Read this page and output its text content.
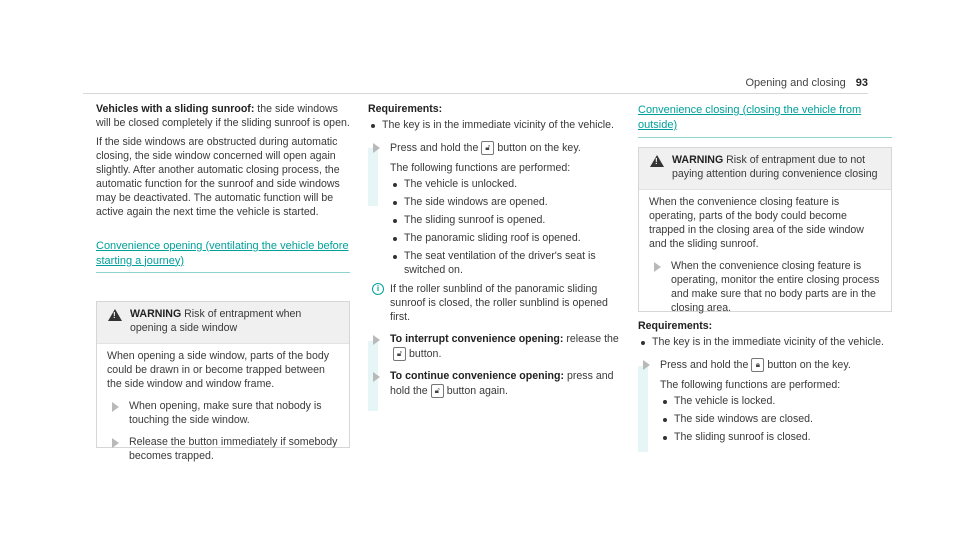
Opening and closing 93

Vehicles with a sliding sunroof: the side windows will be closed completely if the sliding sunroof is open.

If the side windows are obstructed during automatic closing, the side window concerned will open again slightly. After another automatic closing process, the automatic function for the sunroof and side windows may be deactivated. The automatic function will be active again the next time the vehicle is started.

Convenience opening (ventilating the vehicle before starting a journey)

!
WARNING Risk of entrapment when opening a side window

When opening a side window, parts of the body could be drawn in or become trapped between the side window and window frame.

When opening, make sure that nobody is touching the side window.
Release the button immediately if somebody becomes trapped.

Requirements:

The key is in the immediate vicinity of the vehicle.
Press and hold the 🔓︎ button on the key.

The following functions are performed:

The vehicle is unlocked.
The side windows are opened.
The sliding sunroof is opened.
The panoramic sliding roof is opened.
The seat ventilation of the driver's seat is switched on.
i	If the roller sunblind of the panoramic sliding sunroof is closed, the roller sunblind is opened first.
To interrupt convenience opening: release the 🔓︎ button.
To continue convenience opening: press and hold the 🔓︎ button again.

Convenience closing (closing the vehicle from outside)

!
WARNING Risk of entrapment due to not paying attention during convenience closing

When the convenience closing feature is operating, parts of the body could become trapped in the closing area of the side window and the sliding sunroof.

When the convenience closing feature is operating, monitor the entire closing process and make sure that no body parts are in the closing area.

Requirements:

The key is in the immediate vicinity of the vehicle.
Press and hold the 🔒︎ button on the key.

The following functions are performed:

The vehicle is locked.
The side windows are closed.
The sliding sunroof is closed.
